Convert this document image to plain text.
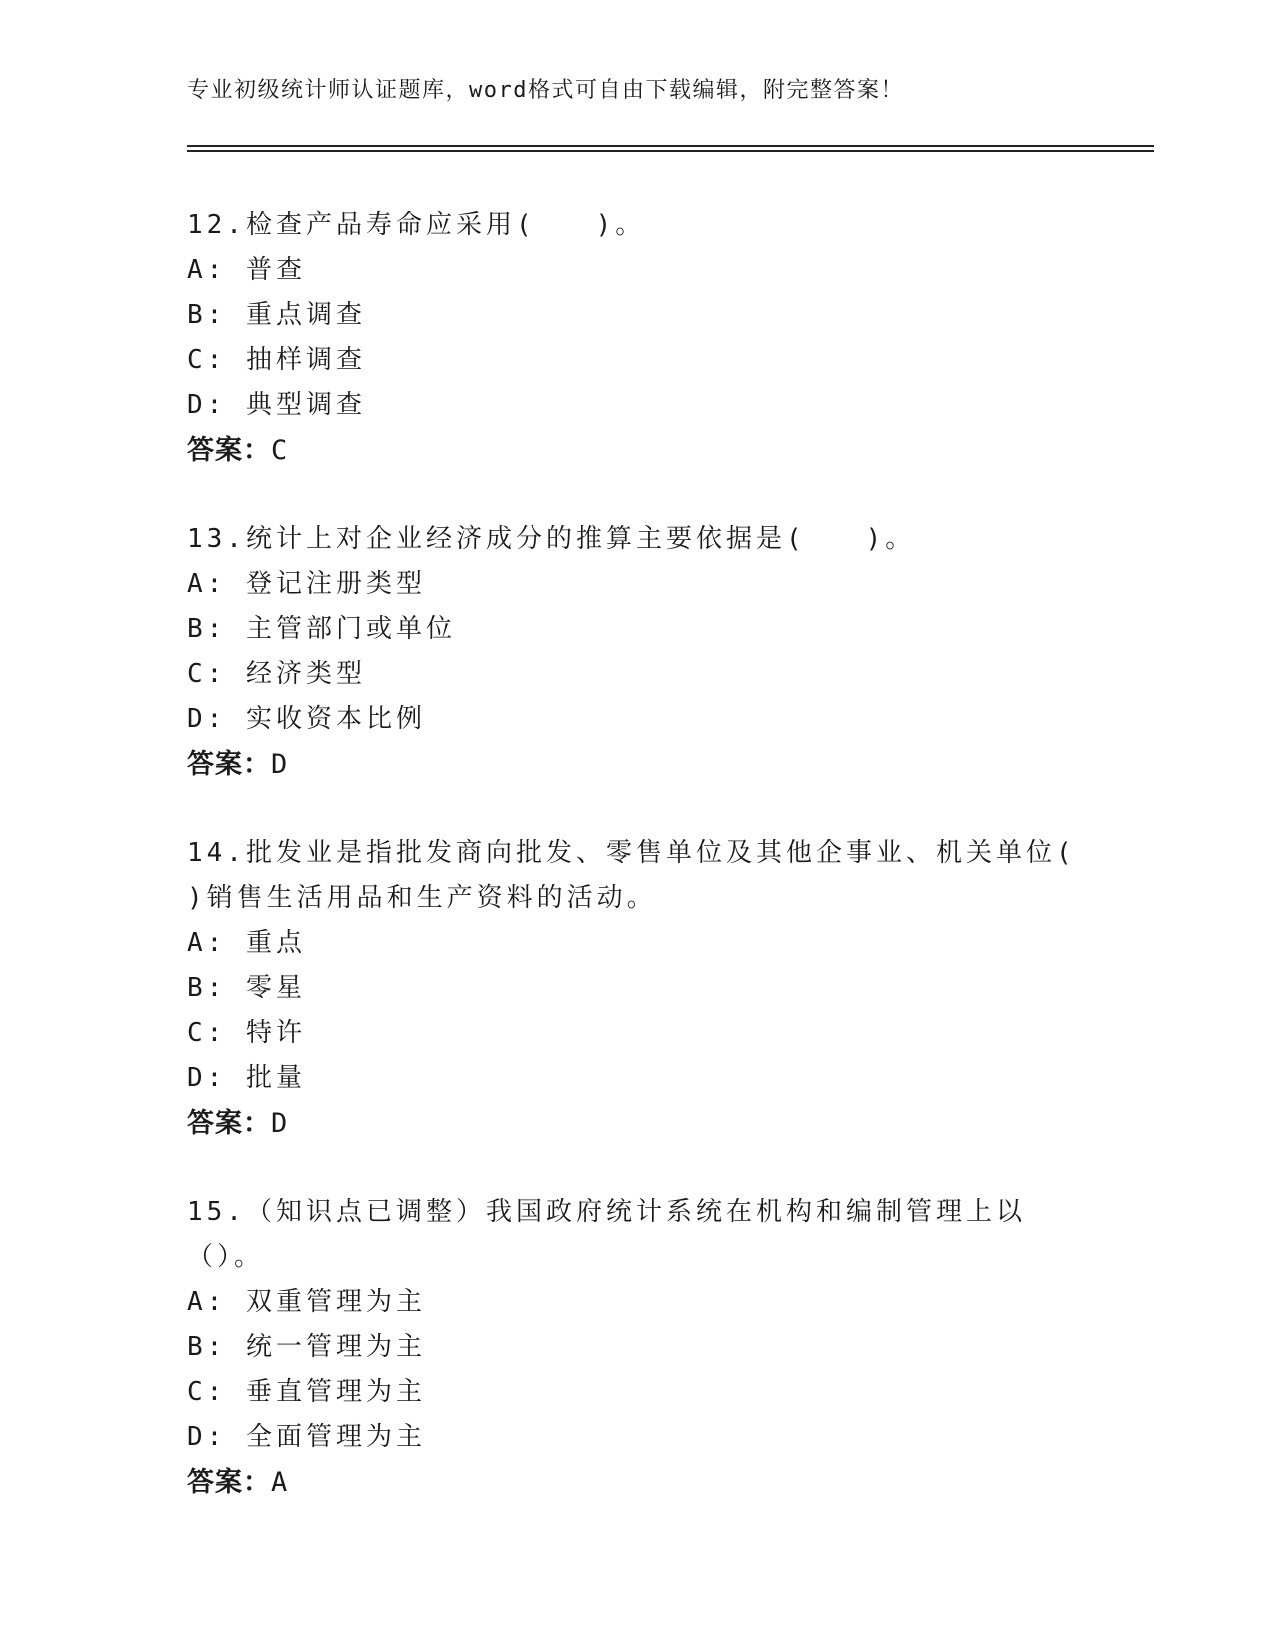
专业初级统计师认证题库，word格式可自由下载编辑，附完整答案！
12.检查产品寿命应采用(　　)。
A: 普查
B: 重点调查
C: 抽样调查
D: 典型调查
答案：C
13.统计上对企业经济成分的推算主要依据是(　　)。
A: 登记注册类型
B: 主管部门或单位
C: 经济类型
D: 实收资本比例
答案：D
14.批发业是指批发商向批发、零售单位及其他企事业、机关单位(
)销售生活用品和生产资料的活动。
A: 重点
B: 零星
C: 特许
D: 批量
答案：D
15.（知识点已调整）我国政府统计系统在机构和编制管理上以（）。
A: 双重管理为主
B: 统一管理为主
C: 垂直管理为主
D: 全面管理为主
答案：A
